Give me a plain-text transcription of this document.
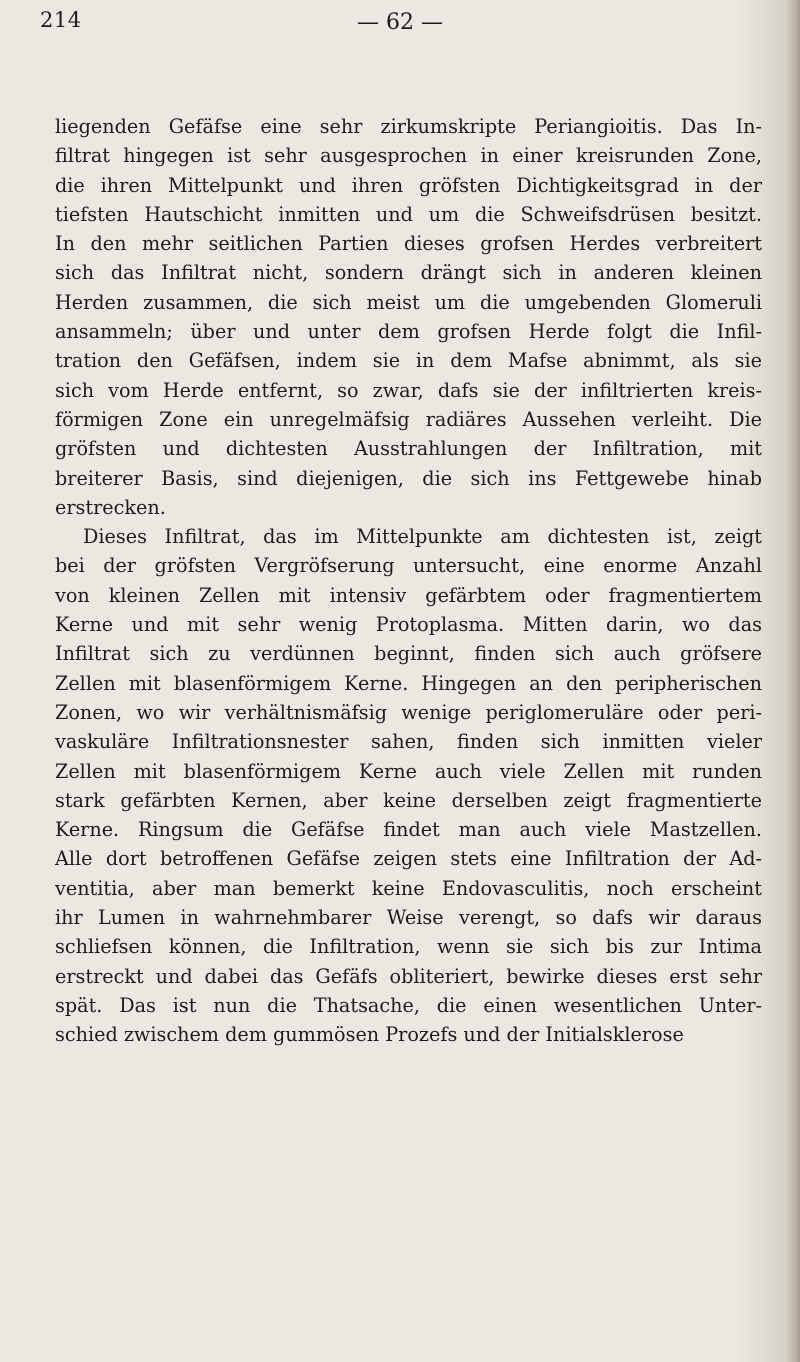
214	— 62 —
liegenden Gefäfse eine sehr zirkumskripte Periangioitis. Das In-
filtrat hingegen ist sehr ausgesprochen in einer kreisrunden Zone,
die ihren Mittelpunkt und ihren gröfsten Dichtigkeitsgrad in der
tiefsten Hautschicht inmitten und um die Schweifsdrüsen besitzt.
In den mehr seitlichen Partien dieses grofsen Herdes verbreitert
sich das Infiltrat nicht, sondern drängt sich in anderen kleinen
Herden zusammen, die sich meist um die umgebenden Glomeruli
ansammeln; über und unter dem grofsen Herde folgt die Infil-
tration den Gefäfsen, indem sie in dem Mafse abnimmt, als sie
sich vom Herde entfernt, so zwar, dafs sie der infiltrierten kreis-
förmigen Zone ein unregelmäfsig radiäres Aussehen verleiht. Die
gröfsten und dichtesten Ausstrahlungen der Infiltration, mit
breiterer Basis, sind diejenigen, die sich ins Fettgewebe hinab
erstrecken.
Dieses Infiltrat, das im Mittelpunkte am dichtesten ist, zeigt
bei der gröfsten Vergröfserung untersucht, eine enorme Anzahl
von kleinen Zellen mit intensiv gefärbtem oder fragmentiertem
Kerne und mit sehr wenig Protoplasma. Mitten darin, wo das
Infiltrat sich zu verdünnen beginnt, finden sich auch gröfsere
Zellen mit blasenförmigem Kerne. Hingegen an den peripherischen
Zonen, wo wir verhältnismäfsig wenige periglomeruläre oder peri-
vaskuläre Infiltrationsnester sahen, finden sich inmitten vieler
Zellen mit blasenförmigem Kerne auch viele Zellen mit runden
stark gefärbten Kernen, aber keine derselben zeigt fragmentierte
Kerne. Ringsum die Gefäfse findet man auch viele Mastzellen.
Alle dort betroffenen Gefäfse zeigen stets eine Infiltration der Ad-
ventitia, aber man bemerkt keine Endovasculitis, noch erscheint
ihr Lumen in wahrnehmbarer Weise verengt, so dafs wir daraus
schliefsen können, die Infiltration, wenn sie sich bis zur Intima
erstreckt und dabei das Gefäfs obliteriert, bewirke dieses erst sehr
spät. Das ist nun die Thatsache, die einen wesentlichen Unter-
schied zwischem dem gummösen Prozefs und der Initialsklerose
